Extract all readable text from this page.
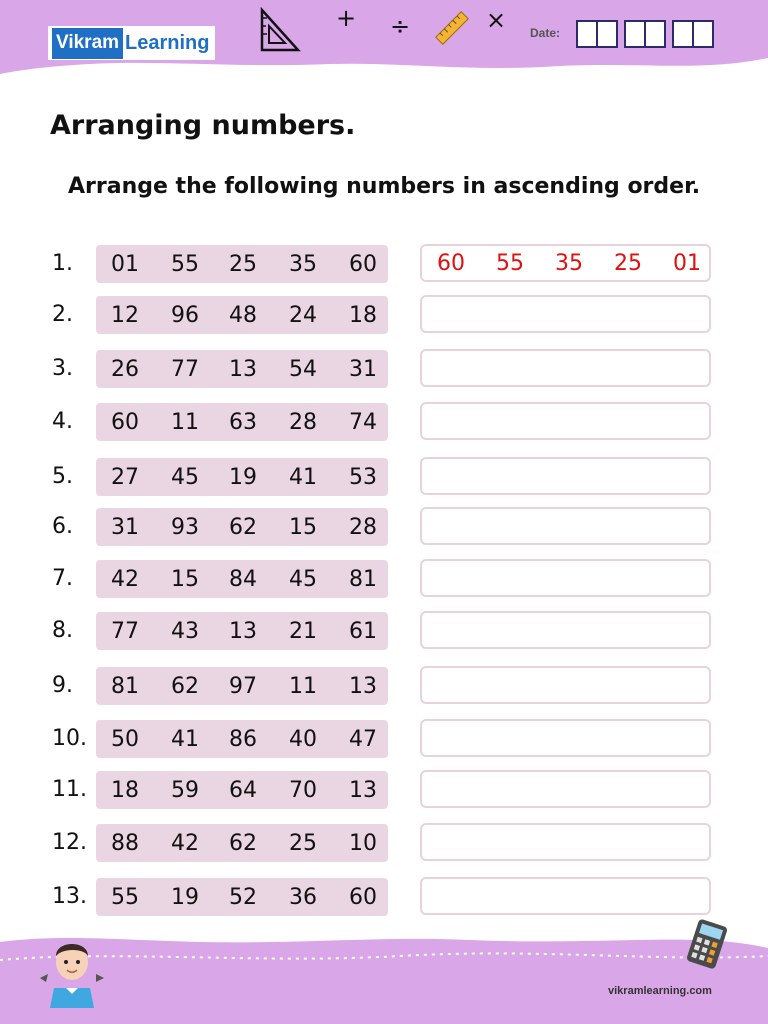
Vikram Learning
+ ÷	× Date:
Arranging numbers.
Arrange the following numbers in ascending order.
1.	01	55	25	35	60	60	55	35	25	01
2.	12	96	48	24	18
3.	26	77	13	54	31
4.	60	11	63	28	74
5.	27	45	19	41	53
6.	31	93	62	15	28
7.	42	15	84	45	81
8.	77	43	13	21	61
9.	81	62	97	11	13
10.	50	41	86	40	47
11.	18	59	64	70	13
12.	88	42	62	25	10
13.	55	19	52	36	60
vikramlearning.com
